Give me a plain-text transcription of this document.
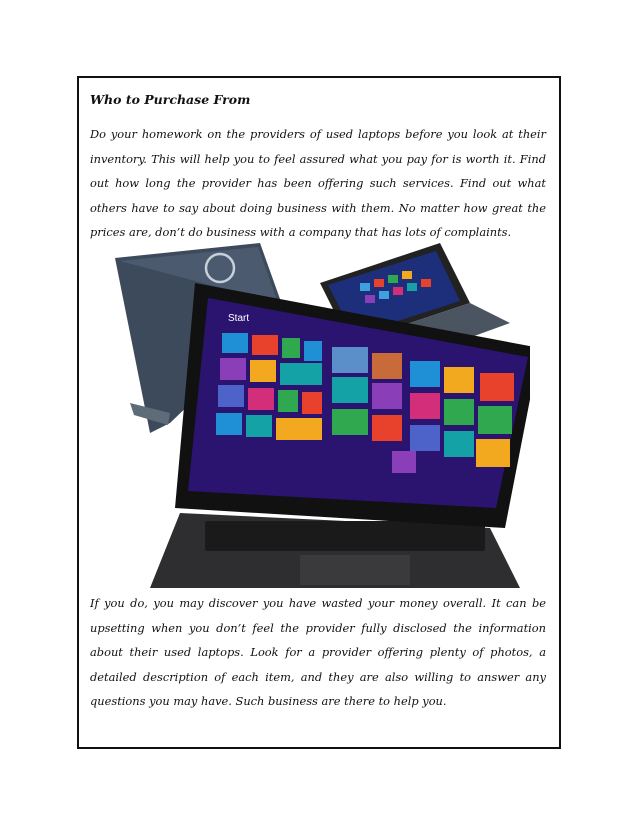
Who to Purchase From

Do your homework on the providers of used laptops before you look at their inventory. This will help you to feel assured what you pay for is worth it. Find out how long the provider has been offering such services. Find out what others have to say about doing business with them. No matter how great the prices are, don’t do business with a company that has lots of complaints.

Start

If you do, you may discover you have wasted your money overall. It can be upsetting when you don’t feel the provider fully disclosed the information about their used laptops. Look for a provider offering plenty of photos, a detailed description of each item, and they are also willing to answer any questions you may have. Such business are there to help you.
